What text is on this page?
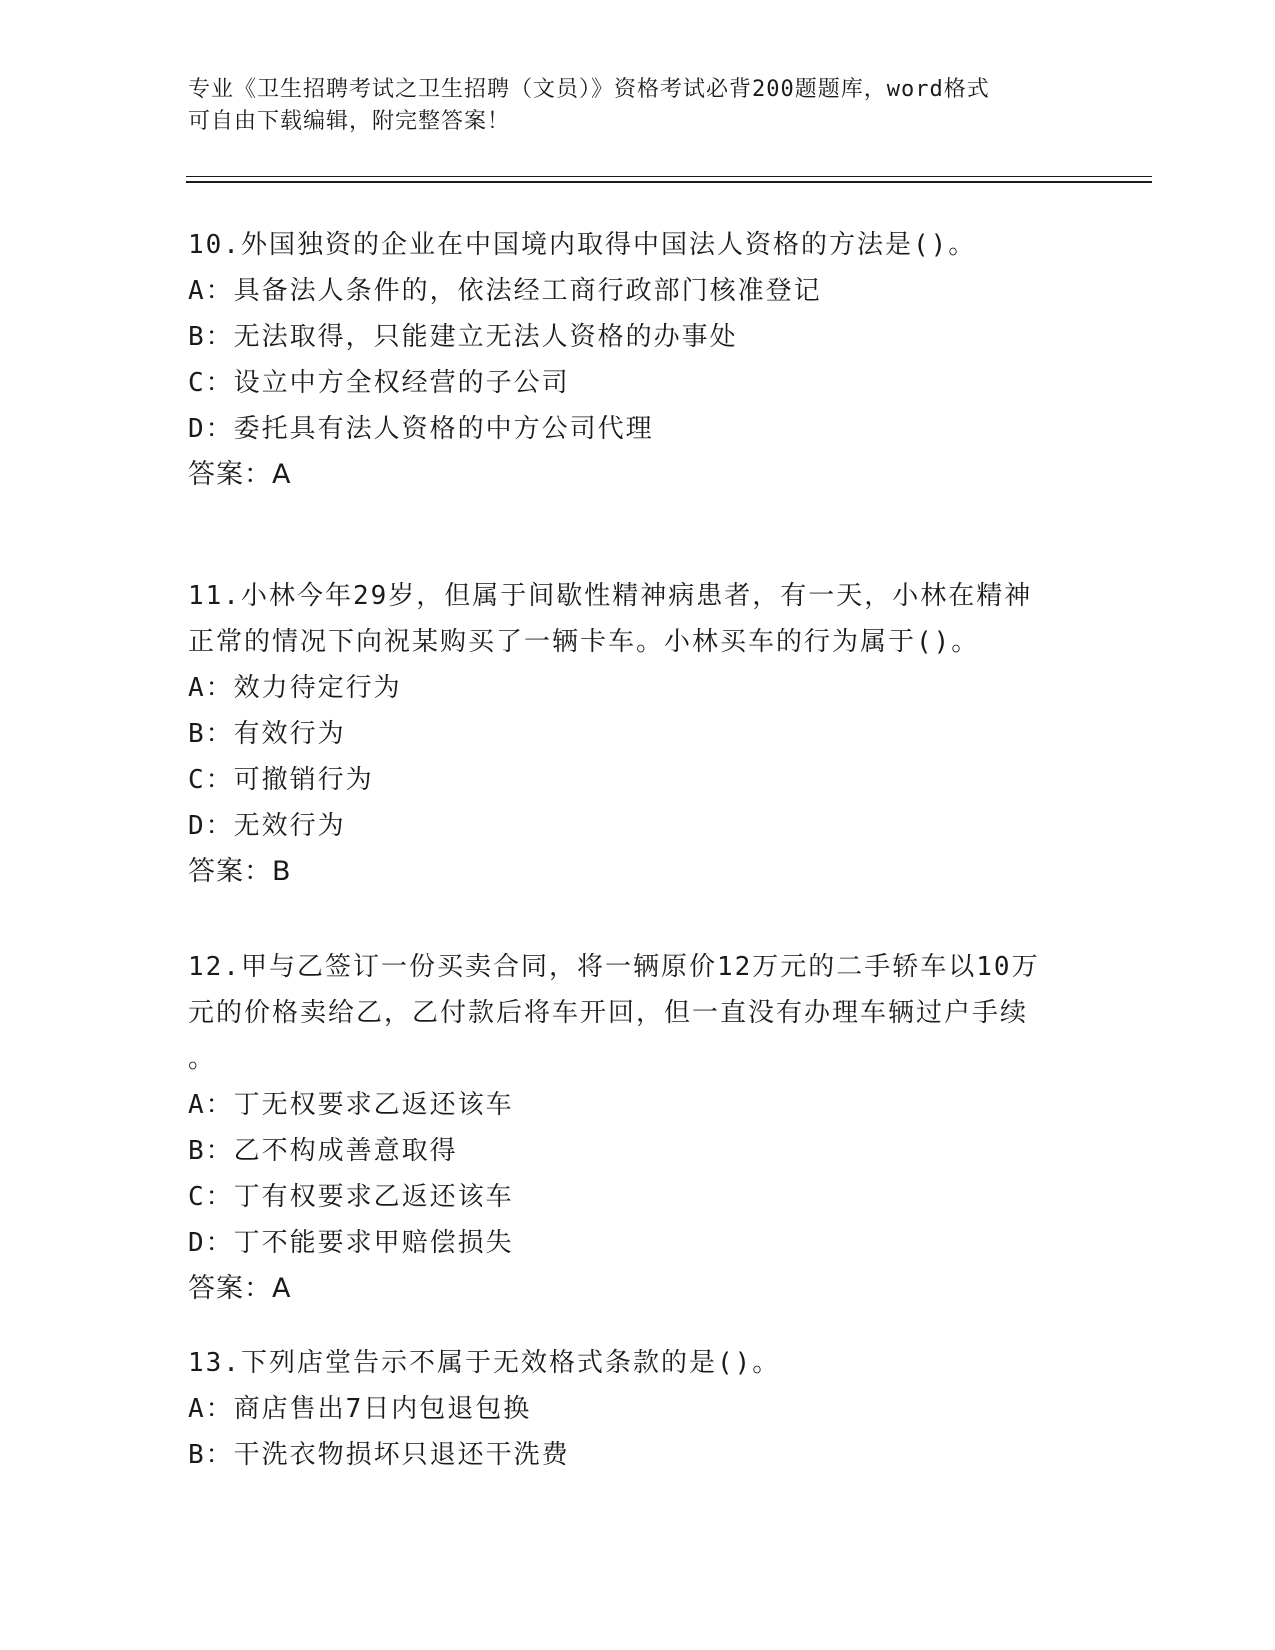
专业《卫生招聘考试之卫生招聘（文员）》资格考试必背200题题库，word格式
可自由下载编辑，附完整答案！
10.外国独资的企业在中国境内取得中国法人资格的方法是()。
A：具备法人条件的，依法经工商行政部门核准登记
B：无法取得，只能建立无法人资格的办事处
C：设立中方全权经营的子公司
D：委托具有法人资格的中方公司代理
答案：A
11.小林今年29岁，但属于间歇性精神病患者，有一天，小林在精神
正常的情况下向祝某购买了一辆卡车。小林买车的行为属于()。
A：效力待定行为
B：有效行为
C：可撤销行为
D：无效行为
答案：B
12.甲与乙签订一份买卖合同，将一辆原价12万元的二手轿车以10万
元的价格卖给乙，乙付款后将车开回，但一直没有办理车辆过户手续
。
A：丁无权要求乙返还该车
B：乙不构成善意取得
C：丁有权要求乙返还该车
D：丁不能要求甲赔偿损失
答案：A
13.下列店堂告示不属于无效格式条款的是()。
A：商店售出7日内包退包换
B：干洗衣物损坏只退还干洗费
